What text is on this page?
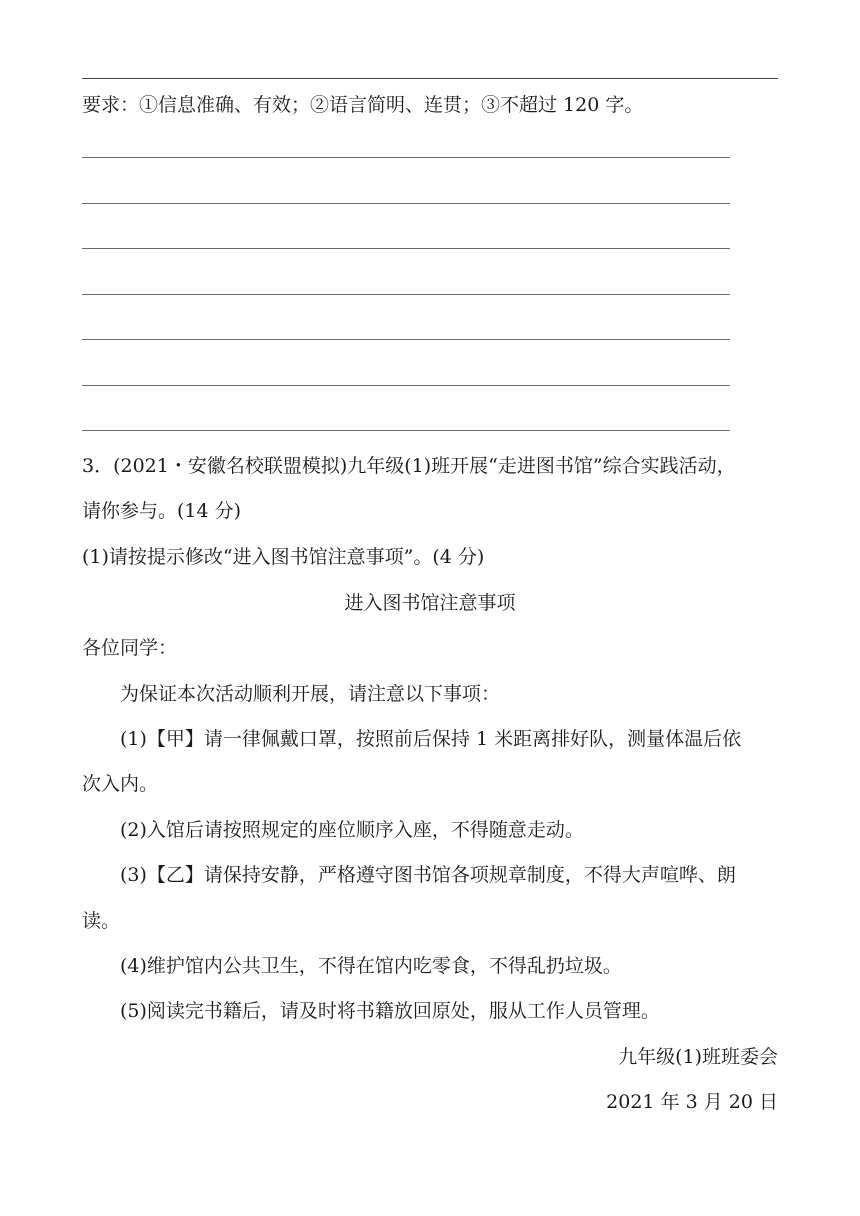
要求：①信息准确、有效；②语言简明、连贯；③不超过 120 字。
3．(2021・安徽名校联盟模拟)九年级(1)班开展“走进图书馆”综合实践活动，
请你参与。(14 分)
(1)请按提示修改“进入图书馆注意事项”。(4 分)
进入图书馆注意事项
各位同学：
为保证本次活动顺利开展，请注意以下事项：
(1)【甲】请一律佩戴口罩，按照前后保持 1 米距离排好队，测量体温后依
次入内。
(2)入馆后请按照规定的座位顺序入座，不得随意走动。
(3)【乙】请保持安静，严格遵守图书馆各项规章制度，不得大声喧哗、朗
读。
(4)维护馆内公共卫生，不得在馆内吃零食，不得乱扔垃圾。
(5)阅读完书籍后，请及时将书籍放回原处，服从工作人员管理。
九年级(1)班班委会
2021 年 3 月 20 日
